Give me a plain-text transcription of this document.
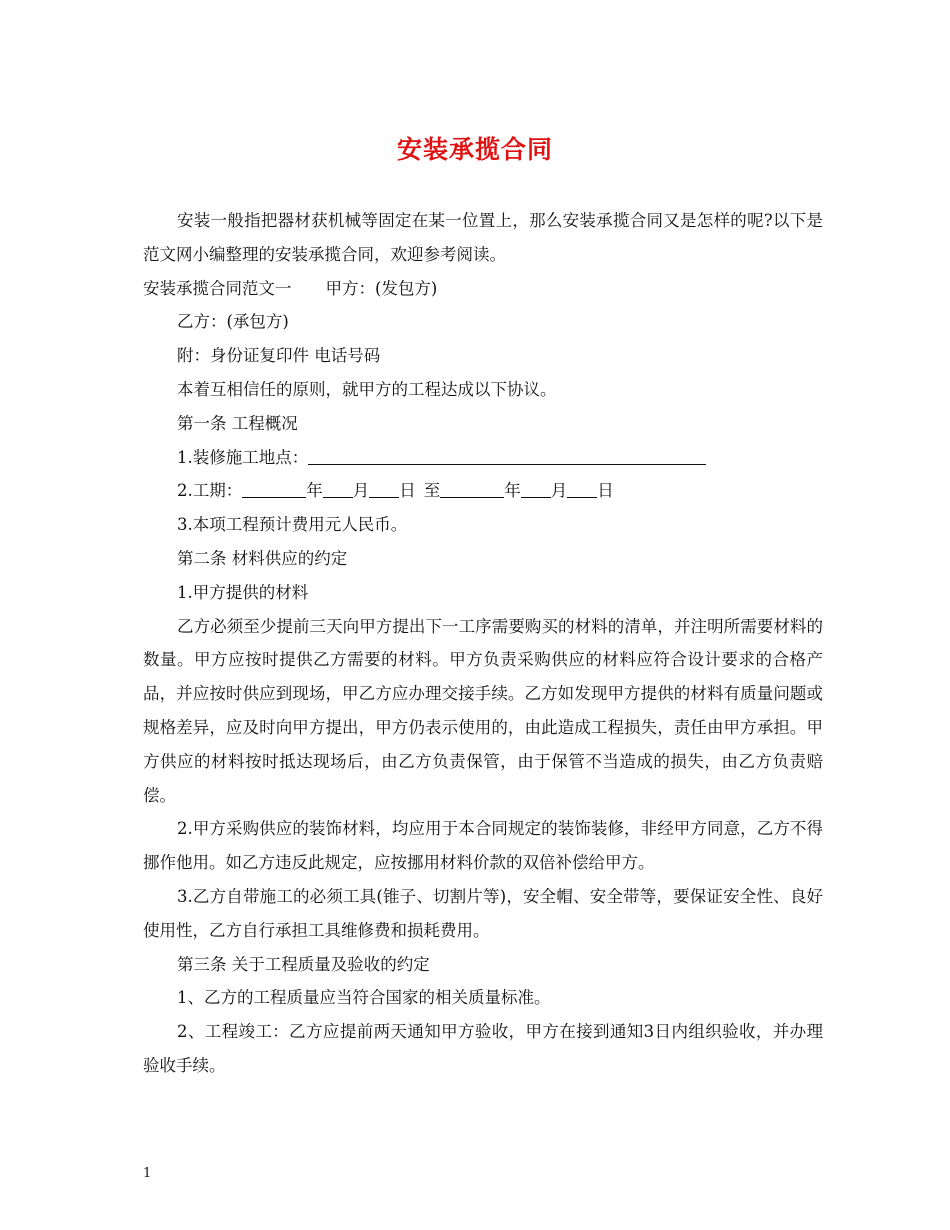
安装承揽合同

安装一般指把器材获机械等固定在某一位置上，那么安装承揽合同又是怎样的呢?以下是范文网小编整理的安装承揽合同，欢迎参考阅读。

安装承揽合同范文一 甲方：(发包方)

乙方：(承包方)

附：身份证复印件 电话号码

本着互相信任的原则，就甲方的工程达成以下协议。

第一条 工程概况

1.装修施工地点：

2.工期：	年 月 日 至	年 月 日

3.本项工程预计费用元人民币。

第二条 材料供应的约定

1.甲方提供的材料

乙方必须至少提前三天向甲方提出下一工序需要购买的材料的清单，并注明所需要材料的数量。甲方应按时提供乙方需要的材料。甲方负责采购供应的材料应符合设计要求的合格产品，并应按时供应到现场，甲乙方应办理交接手续。乙方如发现甲方提供的材料有质量问题或规格差异，应及时向甲方提出，甲方仍表示使用的，由此造成工程损失，责任由甲方承担。甲方供应的材料按时抵达现场后，由乙方负责保管，由于保管不当造成的损失，由乙方负责赔偿。

2.甲方采购供应的装饰材料，均应用于本合同规定的装饰装修，非经甲方同意，乙方不得挪作他用。如乙方违反此规定，应按挪用材料价款的双倍补偿给甲方。

3.乙方自带施工的必须工具(锥子、切割片等)，安全帽、安全带等，要保证安全性、良好使用性，乙方自行承担工具维修费和损耗费用。

第三条 关于工程质量及验收的约定

1、乙方的工程质量应当符合国家的相关质量标准。

2、工程竣工：乙方应提前两天通知甲方验收，甲方在接到通知3日内组织验收，并办理验收手续。

1
